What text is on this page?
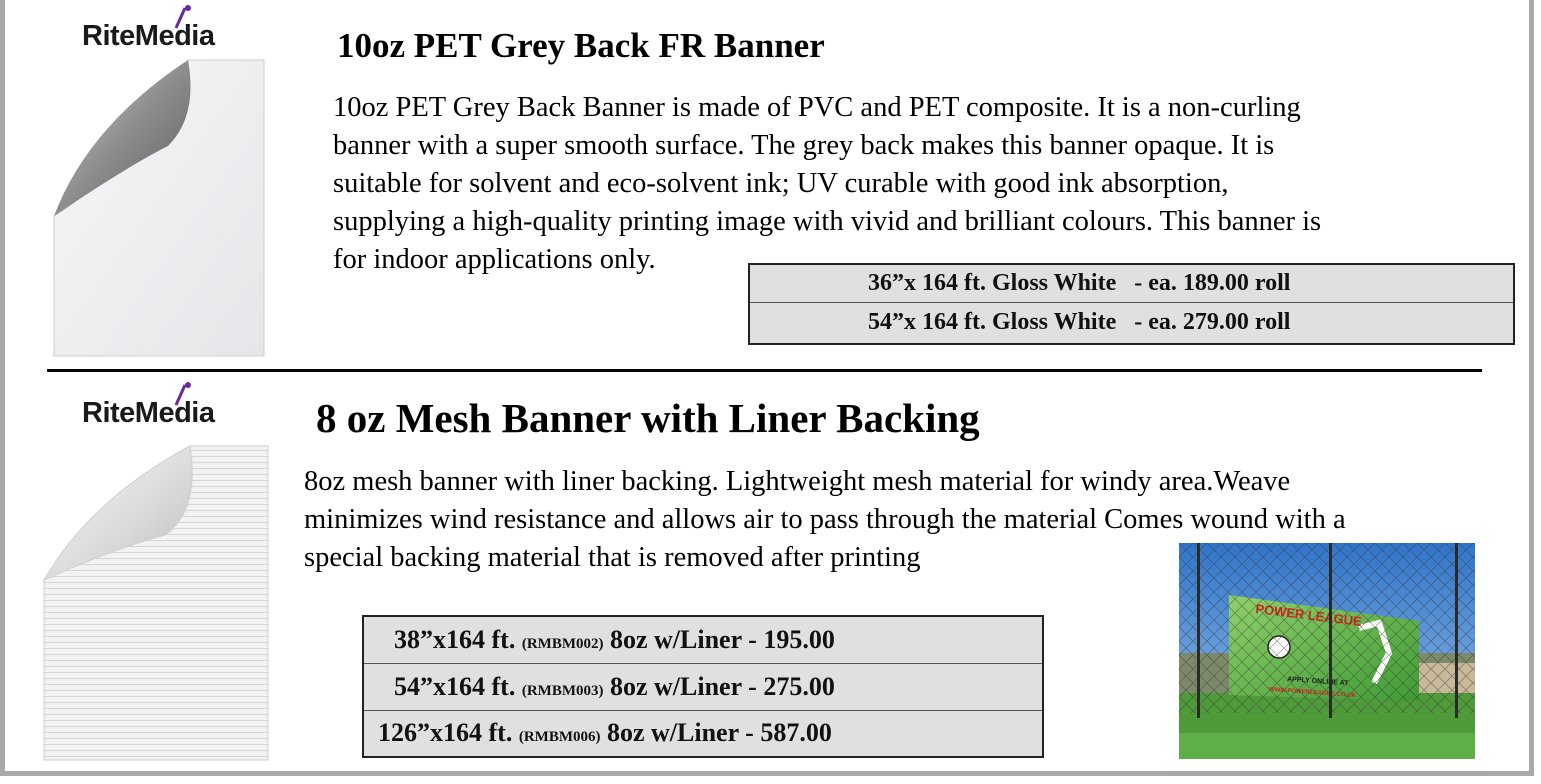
RiteMedia	10oz PET Grey Back FR Banner
10oz PET Grey Back Banner is made of PVC and PET composite. It is a non-curling
banner with a super smooth surface. The grey back makes this banner opaque. It is
suitable for solvent and eco-solvent ink; UV curable with good ink absorption,
supplying a high-quality printing image with vivid and brilliant colours. This banner is
for indoor applications only.
36”x 164 ft. Gloss White - ea. 189.00 roll
54”x 164 ft. Gloss White - ea. 279.00 roll
RiteMedia 8 oz Mesh Banner with Liner Backing
8oz mesh banner with liner backing. Lightweight mesh material for windy area.Weave
minimizes wind resistance and allows air to pass through the material Comes wound with a
special backing material that is removed after printing
38”x164 ft. (RMBM002) 8oz w/Liner - 195.00
54”x164 ft. (RMBM003) 8oz w/Liner - 275.00
126”x164 ft. (RMBM006) 8oz w/Liner - 587.00
